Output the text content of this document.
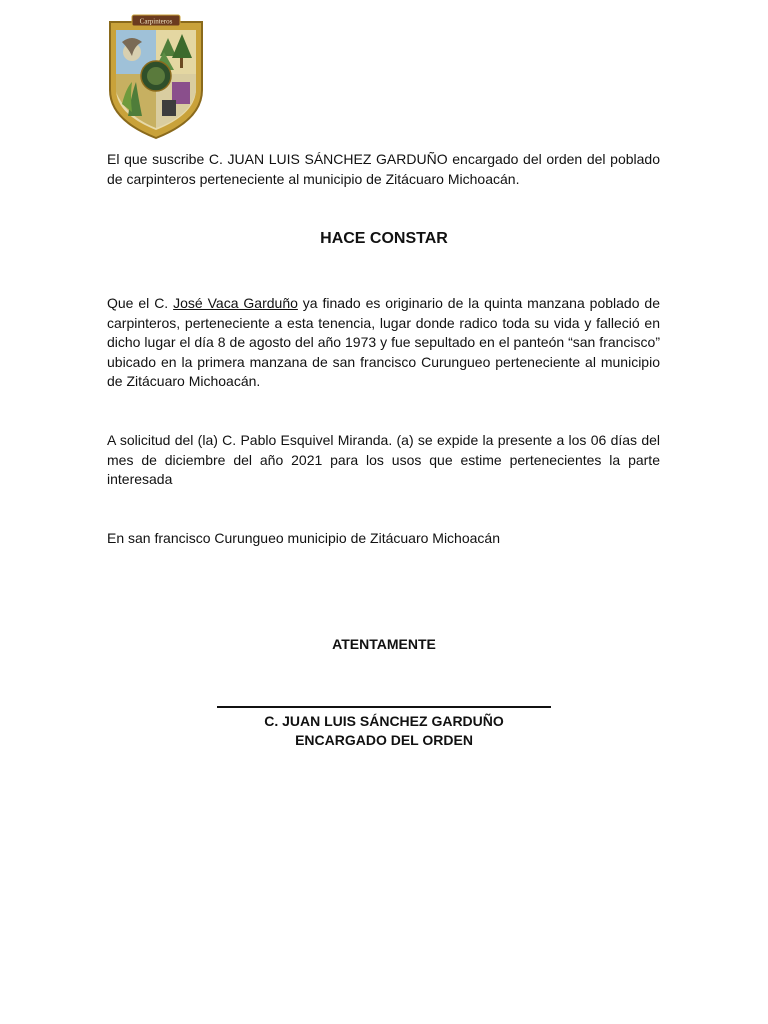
Carpinteros

El que suscribe C. JUAN LUIS SÁNCHEZ GARDUÑO encargado del orden del poblado de carpinteros perteneciente al municipio de Zitácuaro Michoacán.

HACE CONSTAR

Que el C. José Vaca Garduño ya finado es originario de la quinta manzana poblado de carpinteros, perteneciente a esta tenencia, lugar donde radico toda su vida y falleció en dicho lugar el día 8 de agosto del año 1973 y fue sepultado en el panteón “san francisco” ubicado en la primera manzana de san francisco Curungueo perteneciente al municipio de Zitácuaro Michoacán.

A solicitud del (la) C. Pablo Esquivel Miranda. (a) se expide la presente a los 06 días del mes de diciembre del año 2021 para los usos que estime pertenecientes la parte interesada

En san francisco Curungueo municipio de Zitácuaro Michoacán

ATENTAMENTE

C. JUAN LUIS SÁNCHEZ GARDUÑO

ENCARGADO DEL ORDEN
